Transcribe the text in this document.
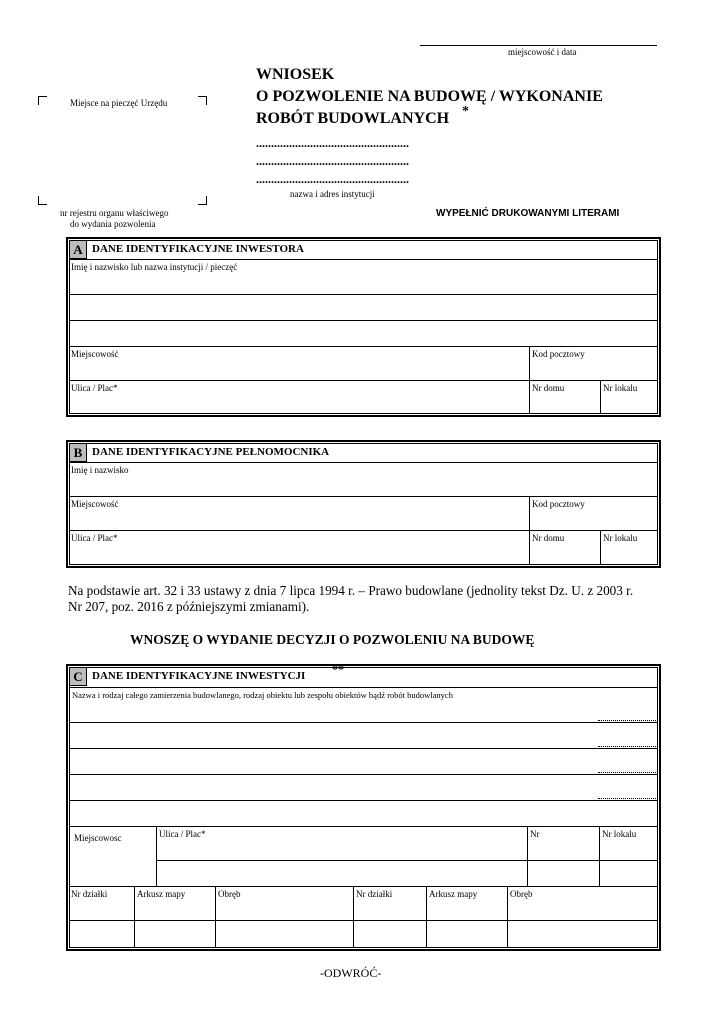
miejscowość i data
Miejsce na pieczęć Urzędu
nr rejestru organu właściwego
do wydania pozwolenia
WNIOSEK
O POZWOLENIE NA BUDOWĘ / WYKONANIE
ROBÓT BUDOWLANYCH *
...................................................
...................................................
...................................................
nazwa i adres instytucji
WYPEŁNIĆ DRUKOWANYMI LITERAMI
A DANE IDENTYFIKACYJNE INWESTORA
Imię i nazwisko lub nazwa instytucji / pieczęć
Miejscowość	Kod pocztowy
Ulica / Plac*	Nr domu	Nr lokalu
B DANE IDENTYFIKACYJNE PEŁNOMOCNIKA
Imię i nazwisko
Miejscowość	Kod pocztowy
Ulica / Plac*	Nr domu	Nr lokalu
Na podstawie art. 32 i 33 ustawy z dnia 7 lipca 1994 r. – Prawo budowlane (jednolity tekst Dz. U. z 2003 r.
Nr 207, poz. 2016 z późniejszymi zmianami).
WNOSZĘ O WYDANIE DECYZJI O POZWOLENIU NA BUDOWĘ
C DANE IDENTYFIKACYJNE INWESTYCJI **
Nazwa i rodzaj całego zamierzenia budowlanego, rodzaj obiektu lub zespołu obiektów bądź robót budowlanych
Miejscowosc	Ulica / Plac*	Nr	Nr lokalu
Nr działki	Arkusz mapy	Obręb	Nr działki	Arkusz mapy	Obręb
-ODWRÓĆ-
